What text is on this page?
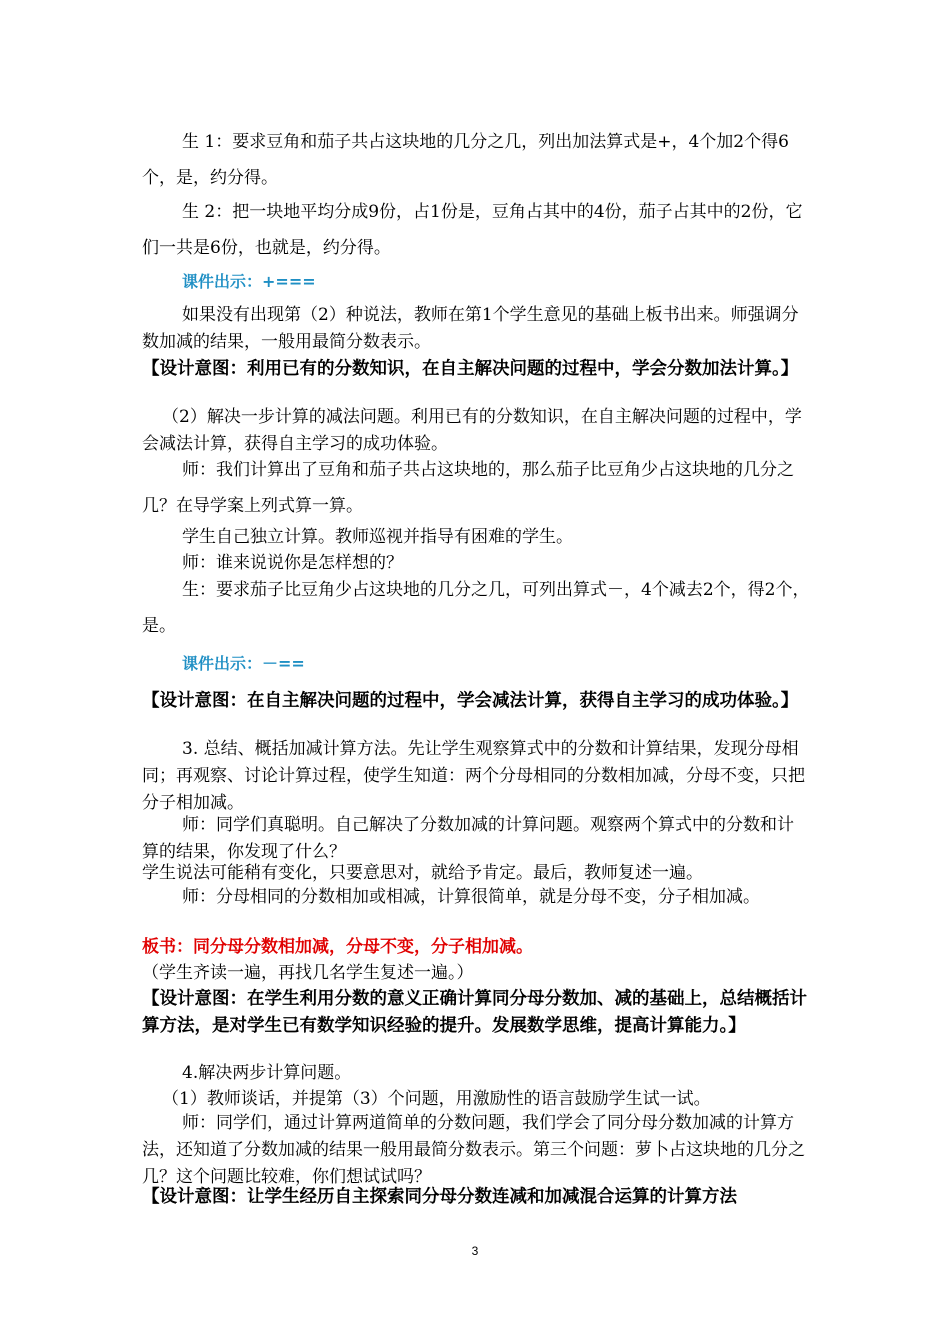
生 1：要求豆角和茄子共占这块地的几分之几，列出加法算式是+，4个加2个得6个，是，约分得。

生 2：把一块地平均分成9份，占1份是，豆角占其中的4份，茄子占其中的2份，它们一共是6份，也就是，约分得。

课件出示：+===

如果没有出现第（2）种说法，教师在第1个学生意见的基础上板书出来。师强调分数加减的结果，一般用最简分数表示。

【设计意图：利用已有的分数知识，在自主解决问题的过程中，学会分数加法计算。】

（2）解决一步计算的减法问题。利用已有的分数知识，在自主解决问题的过程中，学会减法计算，获得自主学习的成功体验。

师：我们计算出了豆角和茄子共占这块地的，那么茄子比豆角少占这块地的几分之几？在导学案上列式算一算。

学生自己独立计算。教师巡视并指导有困难的学生。

师：谁来说说你是怎样想的？

生：要求茄子比豆角少占这块地的几分之几，可列出算式－，4个减去2个，得2个，是。

课件出示：－==

【设计意图：在自主解决问题的过程中，学会减法计算，获得自主学习的成功体验。】

3. 总结、概括加减计算方法。先让学生观察算式中的分数和计算结果，发现分母相同；再观察、讨论计算过程，使学生知道：两个分母相同的分数相加减，分母不变，只把分子相加减。

师：同学们真聪明。自己解决了分数加减的计算问题。观察两个算式中的分数和计算的结果，你发现了什么？

学生说法可能稍有变化，只要意思对，就给予肯定。最后，教师复述一遍。

师：分母相同的分数相加或相减，计算很简单，就是分母不变，分子相加减。

板书：同分母分数相加减，分母不变，分子相加减。

（学生齐读一遍，再找几名学生复述一遍。）

【设计意图：在学生利用分数的意义正确计算同分母分数加、减的基础上，总结概括计算方法，是对学生已有数学知识经验的提升。发展数学思维，提高计算能力。】

4.解决两步计算问题。

（1）教师谈话，并提第（3）个问题，用激励性的语言鼓励学生试一试。

师：同学们，通过计算两道简单的分数问题，我们学会了同分母分数加减的计算方法，还知道了分数加减的结果一般用最简分数表示。第三个问题：萝卜占这块地的几分之几？这个问题比较难，你们想试试吗？

【设计意图：让学生经历自主探索同分母分数连减和加减混合运算的计算方法

3
